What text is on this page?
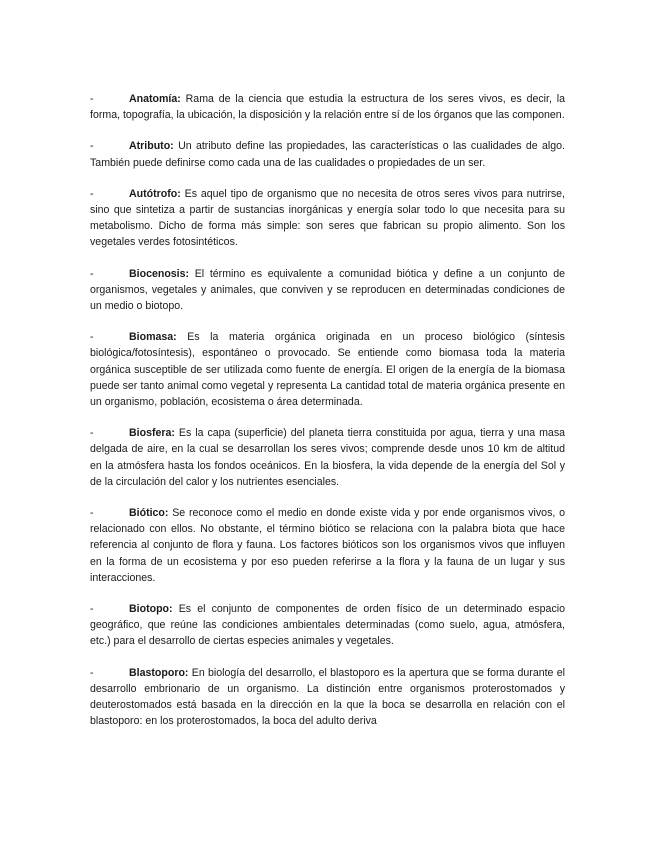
-	Anatomía: Rama de la ciencia que estudia la estructura de los seres vivos, es decir, la forma, topografía, la ubicación, la disposición y la relación entre sí de los órganos que las componen.

-	Atributo: Un atributo define las propiedades, las características o las cualidades de algo. También puede definirse como cada una de las cualidades o propiedades de un ser.

-	Autótrofo: Es aquel tipo de organismo que no necesita de otros seres vivos para nutrirse, sino que sintetiza a partir de sustancias inorgánicas y energía solar todo lo que necesita para su metabolismo. Dicho de forma más simple: son seres que fabrican su propio alimento. Son los vegetales verdes fotosintéticos.

-	Biocenosis: El término es equivalente a comunidad biótica y define a un conjunto de organismos, vegetales y animales, que conviven y se reproducen en determinadas condiciones de un medio o biotopo.

-	Biomasa: Es la materia orgánica originada en un proceso biológico (síntesis biológica/fotosíntesis), espontáneo o provocado. Se entiende como biomasa toda la materia orgánica susceptible de ser utilizada como fuente de energía. El origen de la energía de la biomasa puede ser tanto animal como vegetal y representa La cantidad total de materia orgánica presente en un organismo, población, ecosistema o área determinada.

-	Biosfera: Es la capa (superficie) del planeta tierra constituida por agua, tierra y una masa delgada de aire, en la cual se desarrollan los seres vivos; comprende desde unos 10 km de altitud en la atmósfera hasta los fondos oceánicos. En la biosfera, la vida depende de la energía del Sol y de la circulación del calor y los nutrientes esenciales.

-	Biótico: Se reconoce como el medio en donde existe vida y por ende organismos vivos, o relacionado con ellos. No obstante, el término biótico se relaciona con la palabra biota que hace referencia al conjunto de flora y fauna. Los factores bióticos son los organismos vivos que influyen en la forma de un ecosistema y por eso pueden referirse a la flora y la fauna de un lugar y sus interacciones.

-	Biotopo: Es el conjunto de componentes de orden físico de un determinado espacio geográfico, que reúne las condiciones ambientales determinadas (como suelo, agua, atmósfera, etc.) para el desarrollo de ciertas especies animales y vegetales.

-	Blastoporo: En biología del desarrollo, el blastoporo es la apertura que se forma durante el desarrollo embrionario de un organismo. La distinción entre organismos proterostomados y deuterostomados está basada en la dirección en la que la boca se desarrolla en relación con el blastoporo: en los proterostomados, la boca del adulto deriva
